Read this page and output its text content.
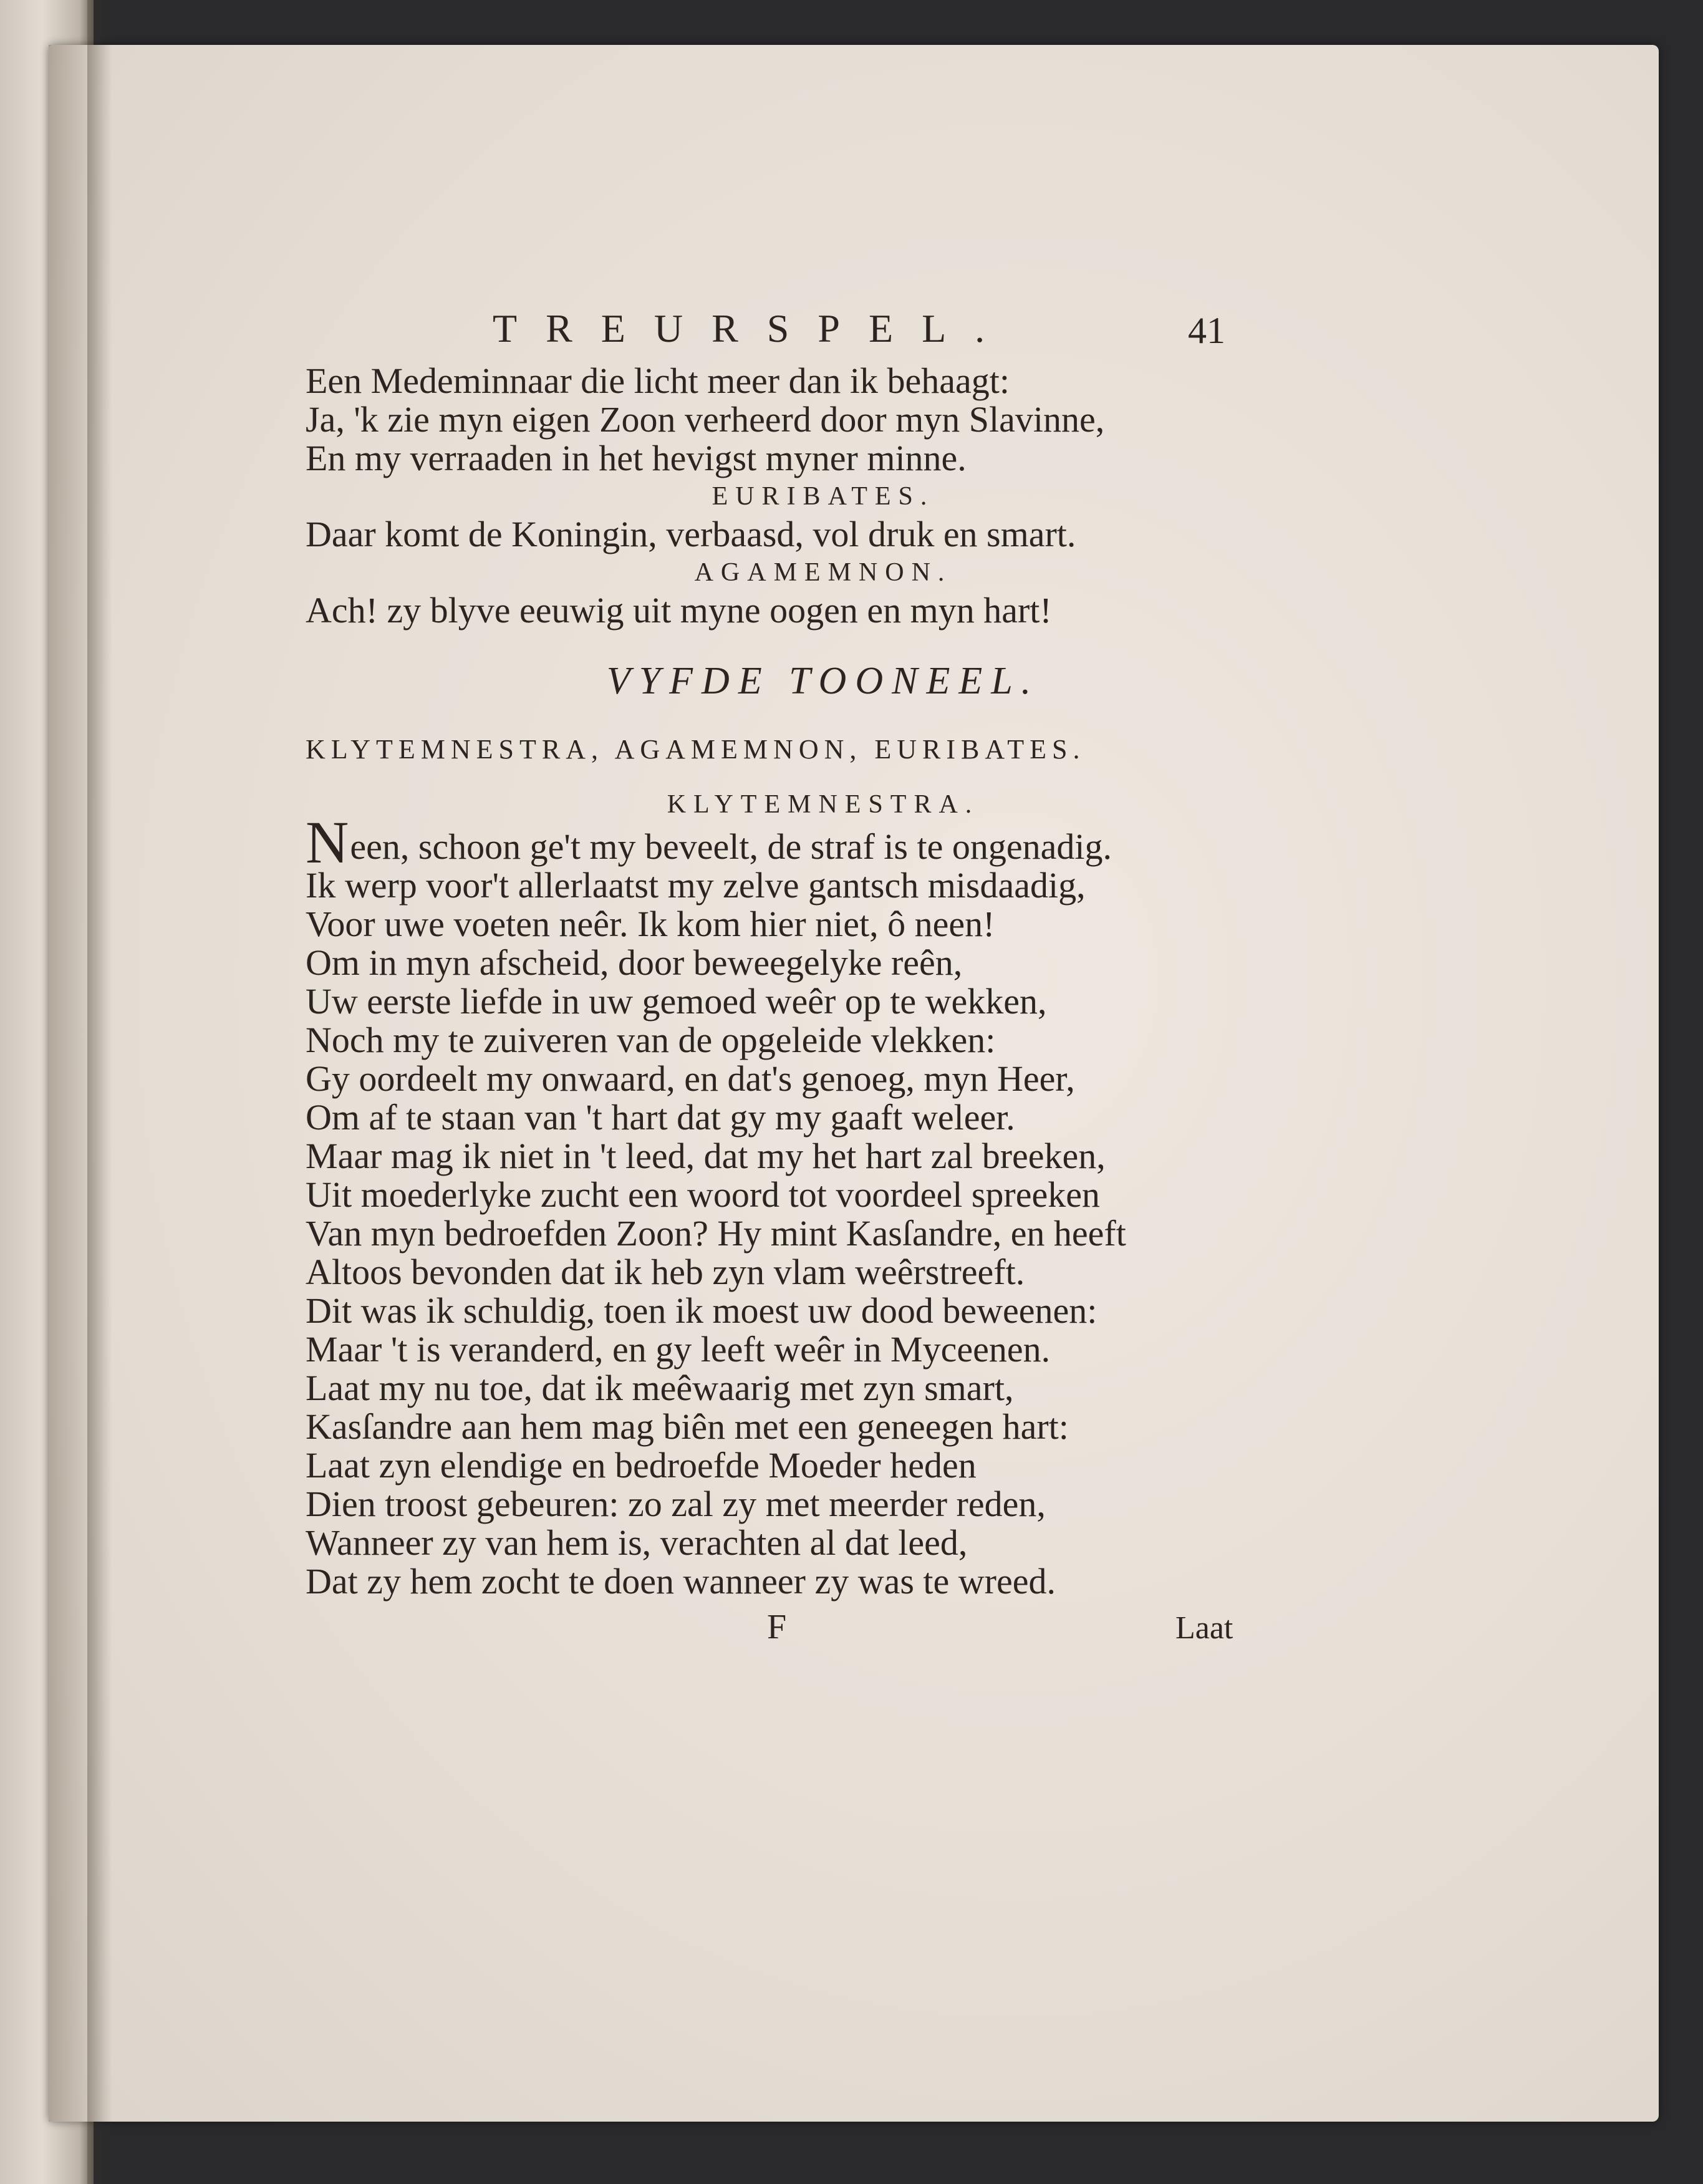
TREURSPEL.	41
Een Medeminnaar die licht meer dan ik behaagt:
Ja, 'k zie myn eigen Zoon verheerd door myn Slavinne,
En my verraaden in het hevigst myner minne.
EURIBATES.
Daar komt de Koningin, verbaasd, vol druk en smart.
AGAMEMNON.
Ach! zy blyve eeuwig uit myne oogen en myn hart!
VYFDE TOONEEL.
KLYTEMNESTRA, AGAMEMNON, EURIBATES.
KLYTEMNESTRA.
Neen, schoon ge't my beveelt, de straf is te ongenadig.
Ik werp voor't allerlaatst my zelve gantsch misdaadig,
Voor uwe voeten neêr. Ik kom hier niet, ô neen!
Om in myn afscheid, door beweegelyke reên,
Uw eerste liefde in uw gemoed weêr op te wekken,
Noch my te zuiveren van de opgeleide vlekken:
Gy oordeelt my onwaard, en dat's genoeg, myn Heer,
Om af te staan van 't hart dat gy my gaaft weleer.
Maar mag ik niet in 't leed, dat my het hart zal breeken,
Uit moederlyke zucht een woord tot voordeel spreeken
Van myn bedroefden Zoon? Hy mint Kasſandre, en heeft
Altoos bevonden dat ik heb zyn vlam weêrstreeft.
Dit was ik schuldig, toen ik moest uw dood beweenen:
Maar 't is veranderd, en gy leeft weêr in Myceenen.
Laat my nu toe, dat ik meêwaarig met zyn smart,
Kasſandre aan hem mag biên met een geneegen hart:
Laat zyn elendige en bedroefde Moeder heden
Dien troost gebeuren: zo zal zy met meerder reden,
Wanneer zy van hem is, verachten al dat leed,
Dat zy hem zocht te doen wanneer zy was te wreed.
F	Laat
